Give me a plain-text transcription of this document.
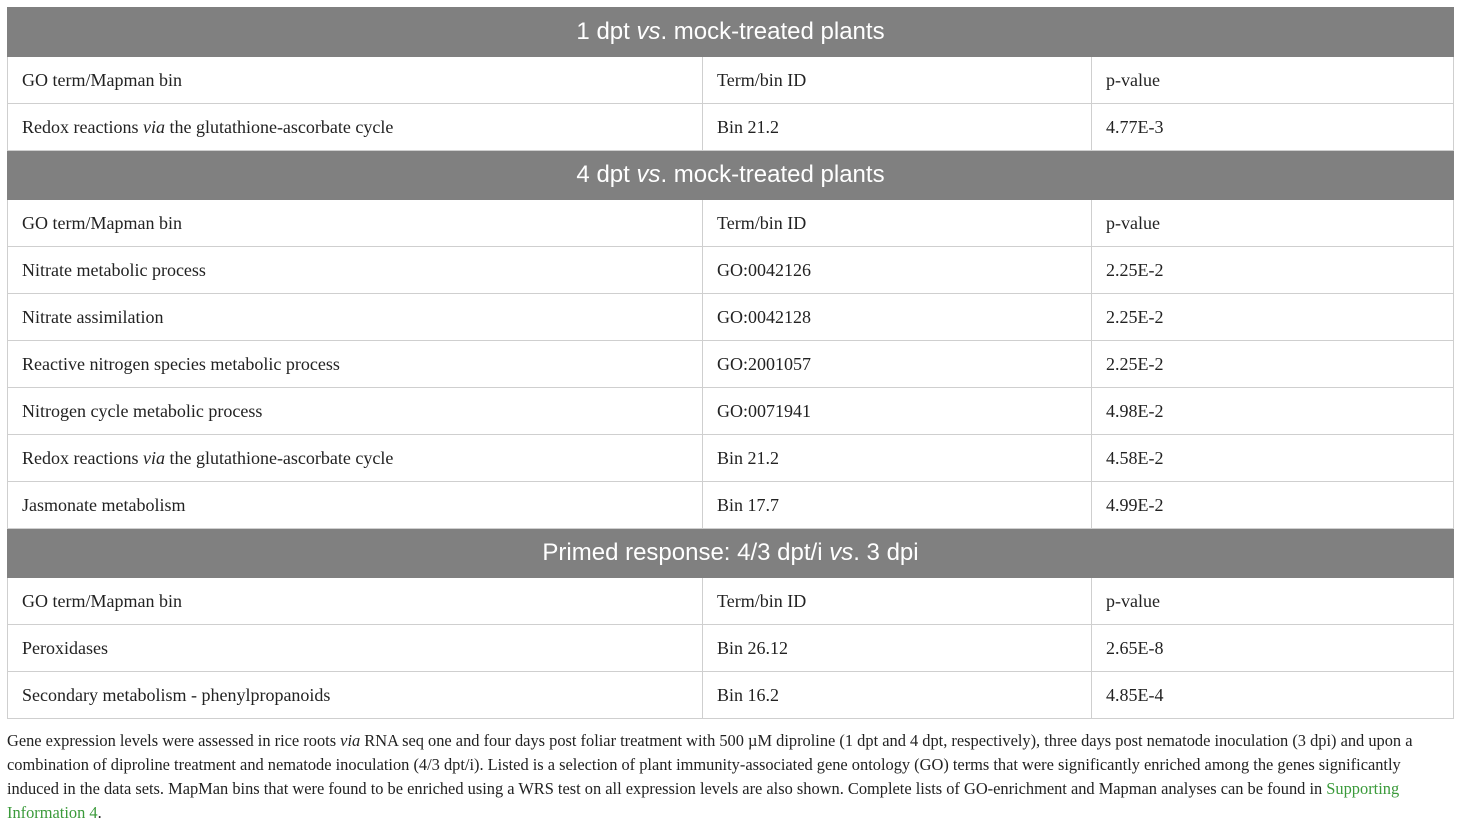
1 dpt vs. mock-treated plants		
GO term/Mapman bin	Term/bin ID	p-value
Redox reactions via the glutathione-ascorbate cycle	Bin 21.2	4.77E-3
4 dpt vs. mock-treated plants		
GO term/Mapman bin	Term/bin ID	p-value
Nitrate metabolic process	GO:0042126	2.25E-2
Nitrate assimilation	GO:0042128	2.25E-2
Reactive nitrogen species metabolic process	GO:2001057	2.25E-2
Nitrogen cycle metabolic process	GO:0071941	4.98E-2
Redox reactions via the glutathione-ascorbate cycle	Bin 21.2	4.58E-2
Jasmonate metabolism	Bin 17.7	4.99E-2
Primed response: 4/3 dpt/i vs. 3 dpi		
GO term/Mapman bin	Term/bin ID	p-value
Peroxidases	Bin 26.12	2.65E-8
Secondary metabolism - phenylpropanoids	Bin 16.2	4.85E-4

Gene expression levels were assessed in rice roots via RNA seq one and four days post foliar treatment with 500 µM diproline (1 dpt and 4 dpt, respectively), three days post nematode inoculation (3 dpi) and upon a combination of diproline treatment and nematode inoculation (4/3 dpt/i). Listed is a selection of plant immunity-associated gene ontology (GO) terms that were significantly enriched among the genes significantly induced in the data sets. MapMan bins that were found to be enriched using a WRS test on all expression levels are also shown. Complete lists of GO-enrichment and Mapman analyses can be found in Supporting Information 4.
